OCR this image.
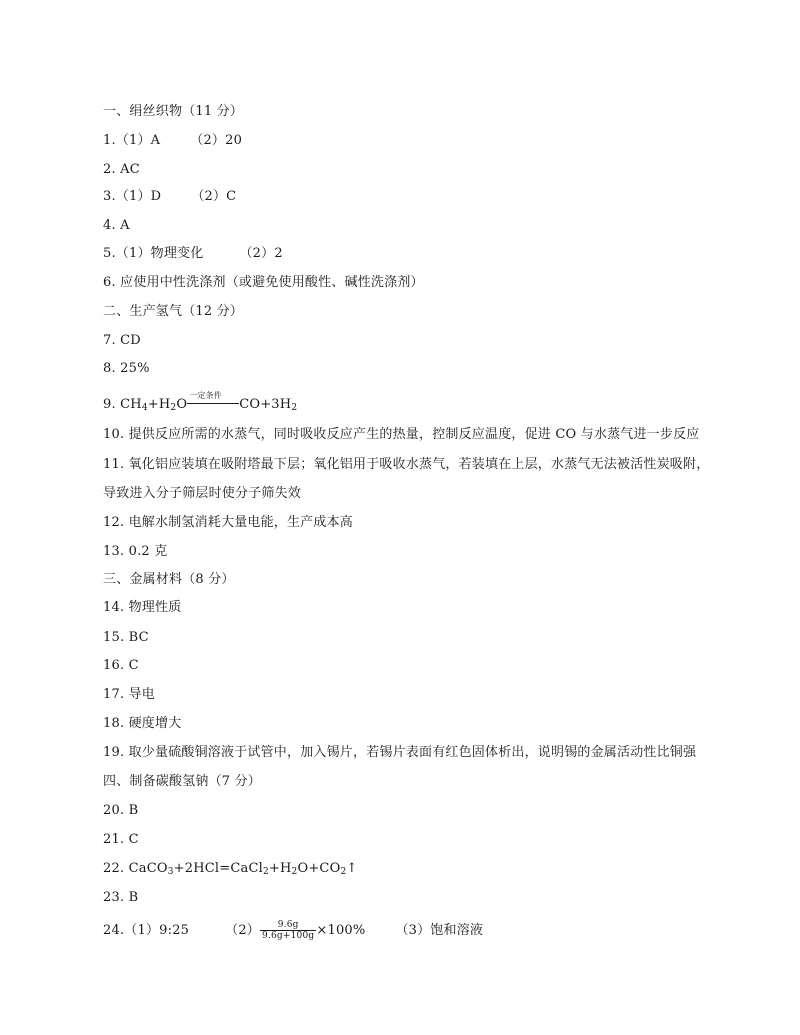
一、绢丝织物（11 分）
1.（1）A （2）20
2. AC
3.（1）D （2）C
4. A
5.（1）物理变化	（2）2
6. 应使用中性洗涤剂（或避免使用酸性、碱性洗涤剂）
二、生产氢气（12 分）
7. CD
8. 25%
9. $CH_4+H_2O$
一定条件
$CO+3H_2$
10. 提供反应所需的水蒸气，同时吸收反应产生的热量，控制反应温度，促进 CO 与水蒸气进一步反应
11. 氧化铝应装填在吸附塔最下层；氧化铝用于吸收水蒸气，若装填在上层，水蒸气无法被活性炭吸附，
导致进入分子筛层时使分子筛失效
12. 电解水制氢消耗大量电能，生产成本高
13. 0.2 克
三、金属材料（8 分）
14. 物理性质
15. BC
16. C
17. 导电
18. 硬度增大
19. 取少量硫酸铜溶液于试管中，加入锡片，若锡片表面有红色固体析出，说明锡的金属活动性比铜强
四、制备碳酸氢钠（7 分）
20. B
21. C
22. $CaCO_3+2HCl=CaCl_2+H_2O+CO_2↑$
23. B
24.（1）9:25	$(2) \frac{9.6g}{9.6g+100g} \times 100\%$ （3）饱和溶液
